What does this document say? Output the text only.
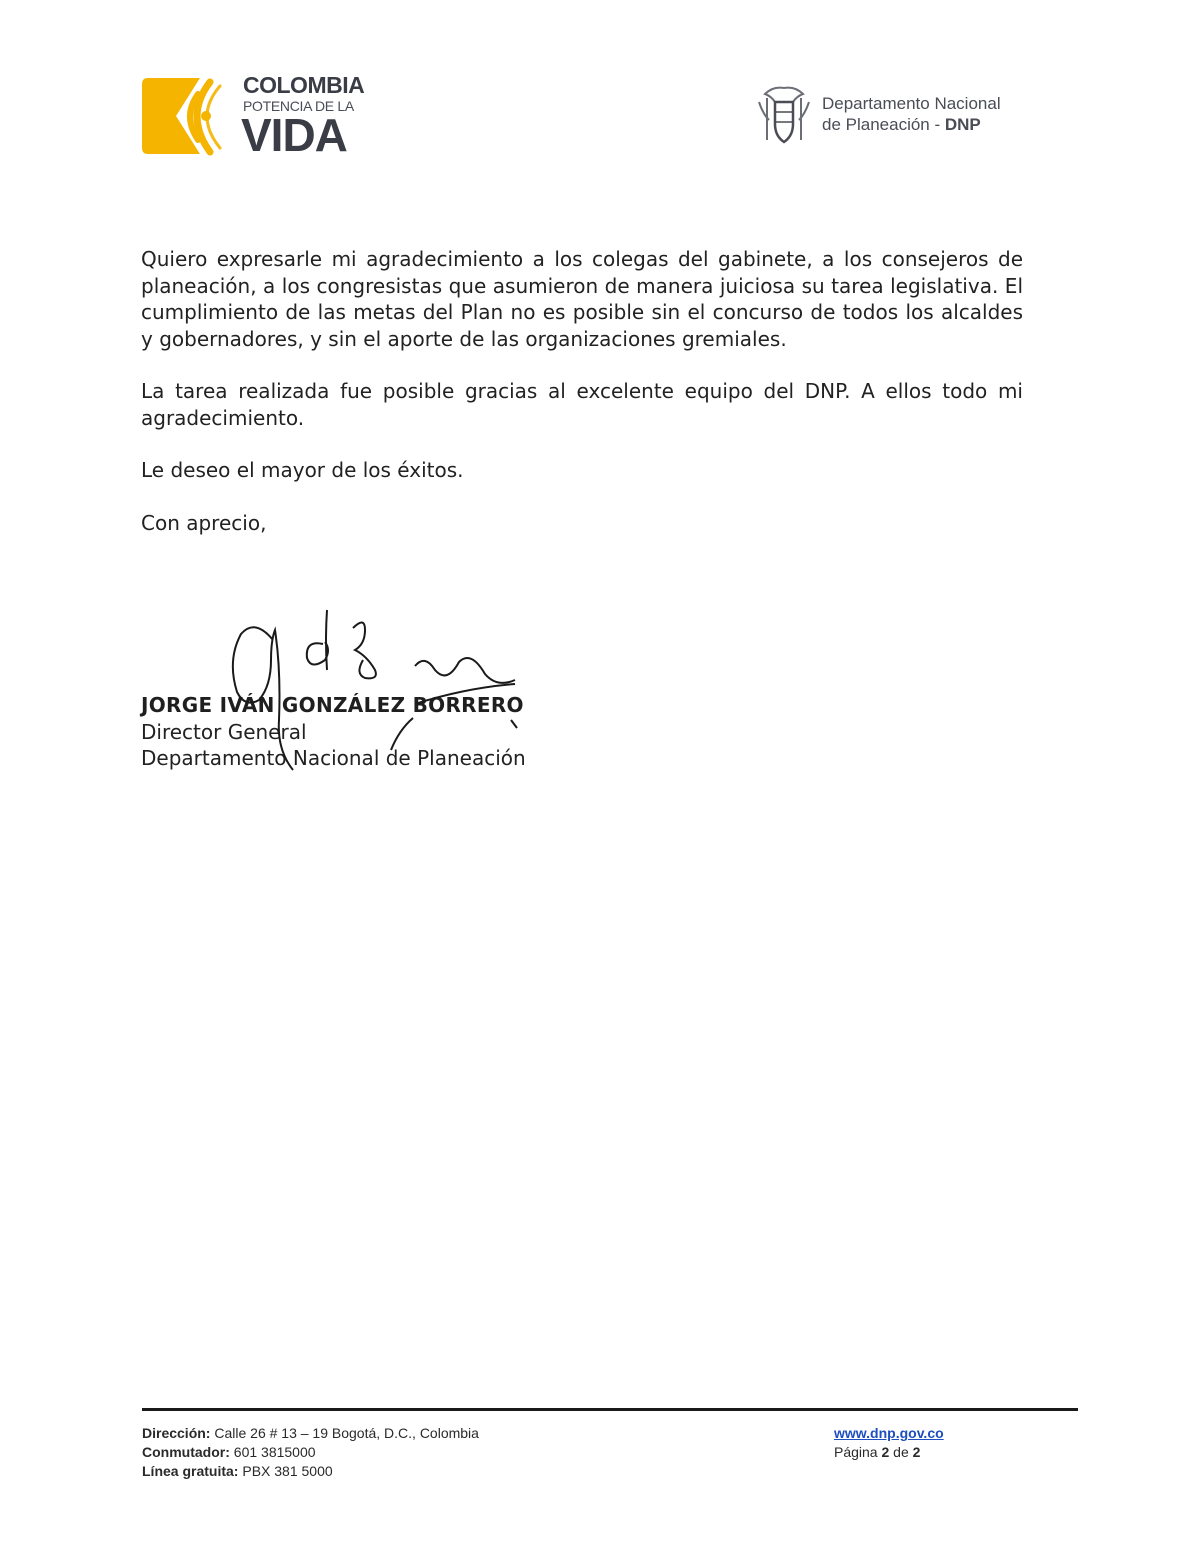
COLOMBIA
POTENCIA DE LA
VIDA
Departamento Nacional
de Planeación - DNP

Quiero expresarle mi agradecimiento a los colegas del gabinete, a los consejeros de planeación, a los congresistas que asumieron de manera juiciosa su tarea legislativa. El cumplimiento de las metas del Plan no es posible sin el concurso de todos los alcaldes y gobernadores, y sin el aporte de las organizaciones gremiales.

La tarea realizada fue posible gracias al excelente equipo del DNP. A ellos todo mi agradecimiento.

Le deseo el mayor de los éxitos.

Con aprecio,

JORGE IVÁN GONZÁLEZ BORRERO
Director General
Departamento Nacional de Planeación
Dirección: Calle 26 # 13 – 19 Bogotá, D.C., Colombia
Conmutador: 601 3815000
Línea gratuita: PBX 381 5000
www.dnp.gov.co
Página 2 de 2
